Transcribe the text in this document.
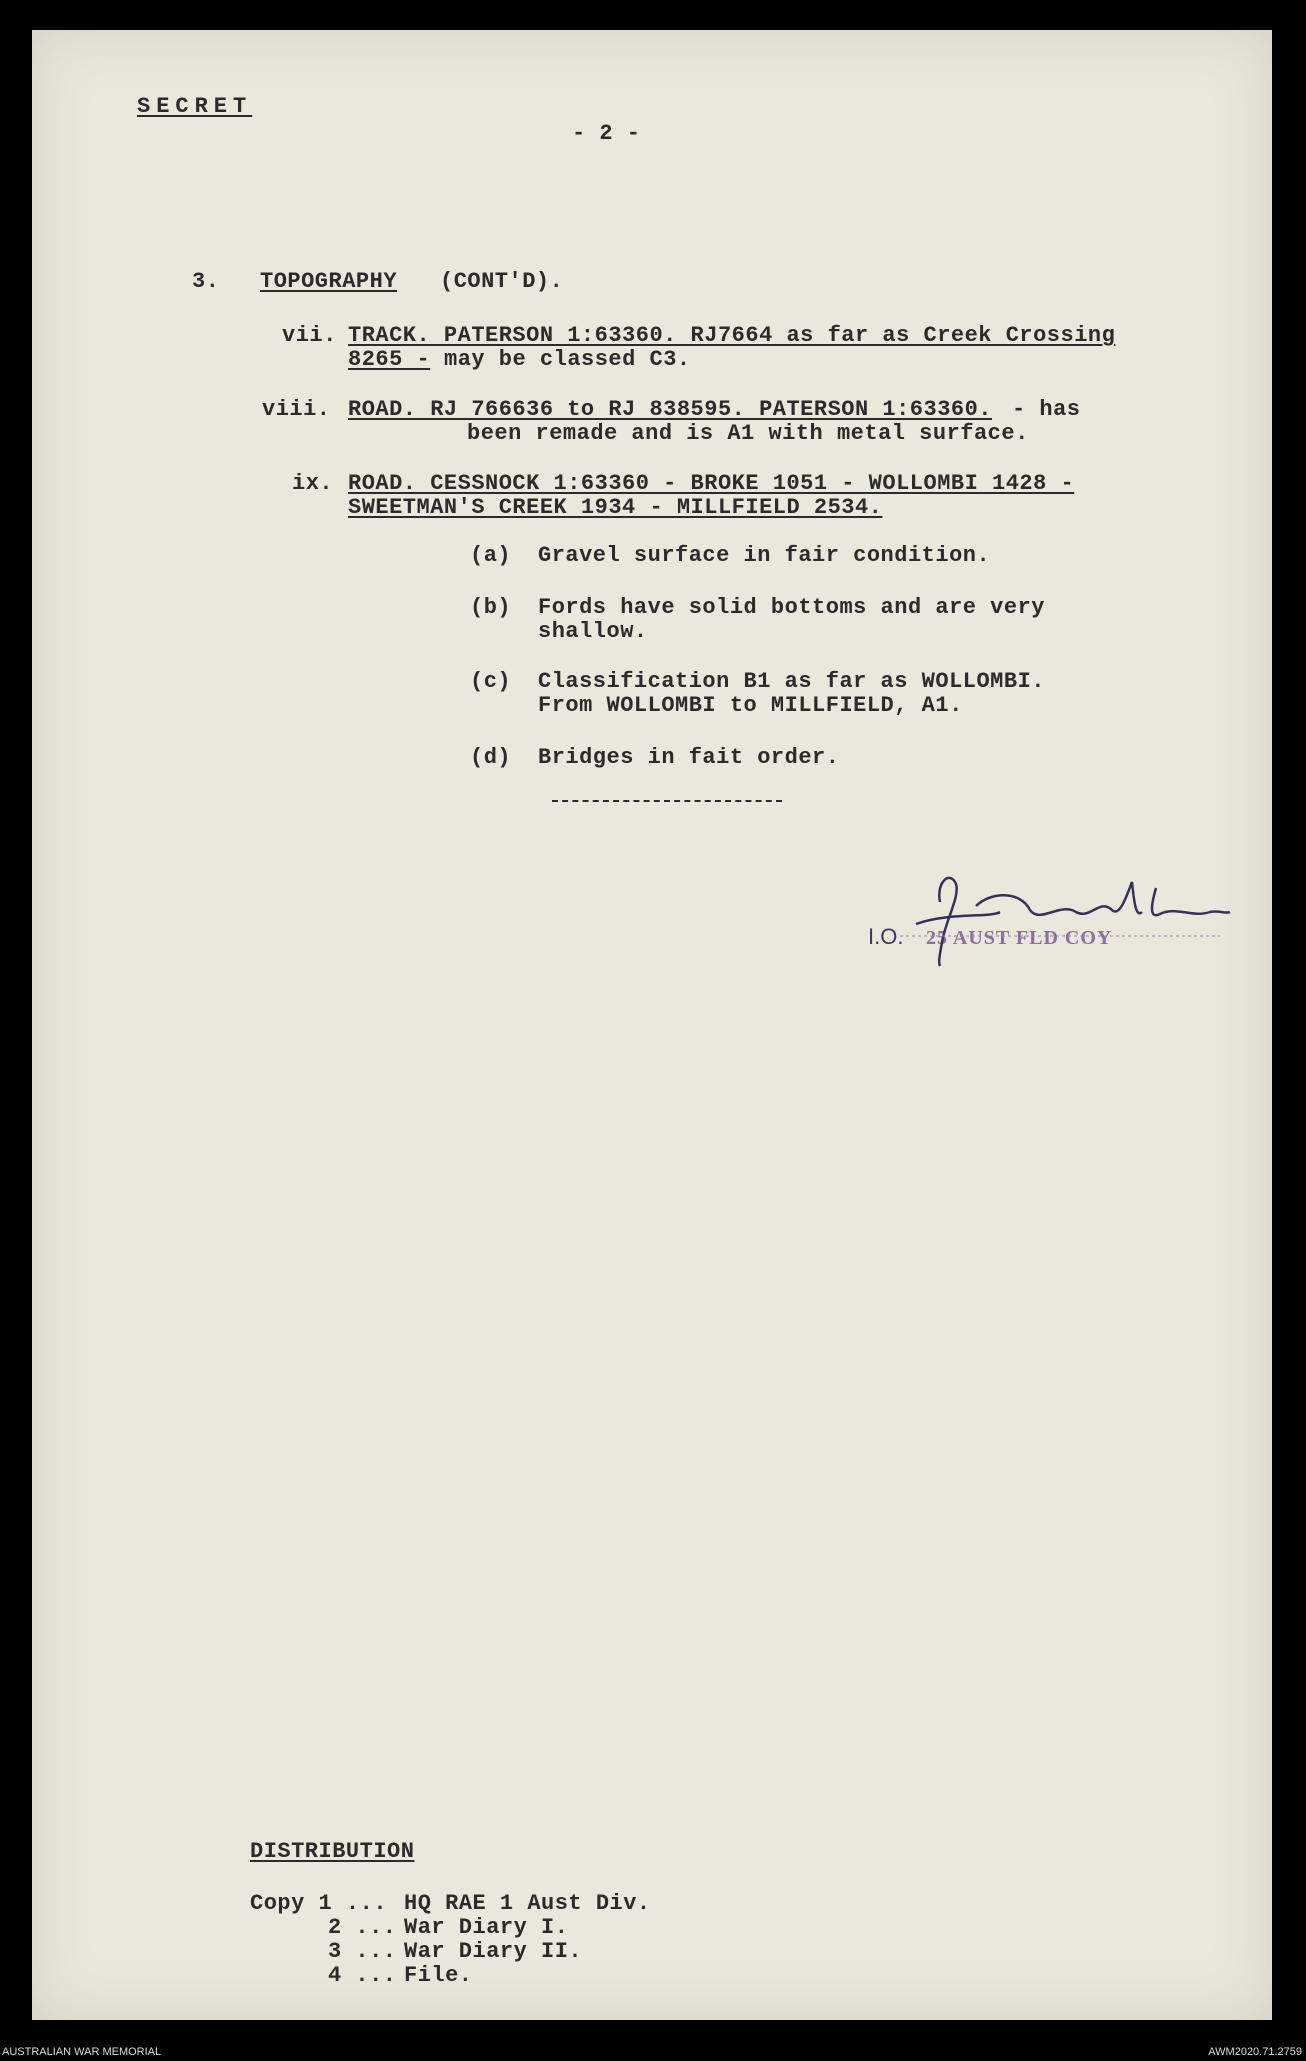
SECRET
- 2 -
3. TOPOGRAPHY (CONT'D).
vii. TRACK. PATERSON 1:63360. RJ7664 as far as Creek Crossing
8265 - may be classed C3.
viii. ROAD. RJ 766636 to RJ 838595. PATERSON 1:63360. - has
been remade and is A1 with metal surface.
ix. ROAD. CESSNOCK 1:63360 - BROKE 1051 - WOLLOMBI 1428 -
SWEETMAN'S CREEK 1934 - MILLFIELD 2534.
(a) Gravel surface in fair condition.
(b) Fords have solid bottoms and are very
shallow.
(c) Classification B1 as far as WOLLOMBI.
From WOLLOMBI to MILLFIELD, A1.
(d) Bridges in fait order.
I.O. 25 AUST FLD COY
DISTRIBUTION
Copy 1 ... HQ RAE 1 Aust Div.
2 ... War Diary I.
3 ... War Diary II.
4 ... File.
AUSTRALIAN WAR MEMORIAL	AWM2020.71.2759
